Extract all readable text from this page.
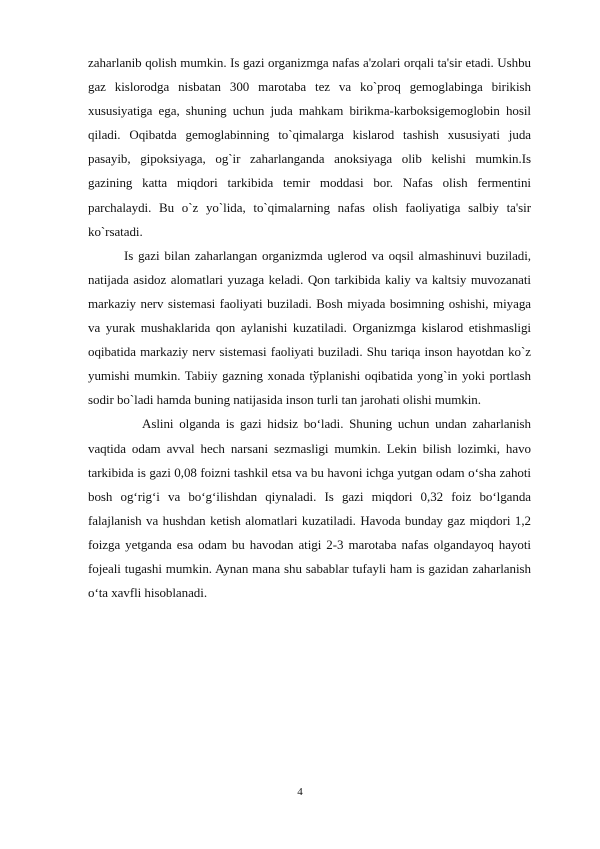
zaharlanib qolish mumkin. Is gazi organizmga nafas a'zolari orqali ta'sir etadi. Ushbu gaz kislorodga nisbatan 300 marotaba tez va ko`proq gemoglabinga birikish xususiyatiga ega, shuning uchun juda mahkam birikma-karboksigemoglobin hosil qiladi. Oqibatda gemoglabinning to`qimalarga kislarod tashish xususiyati juda pasayib, gipoksiyaga, og`ir zaharlanganda anoksiyaga olib kelishi mumkin.Is gazining katta miqdori tarkibida temir moddasi bor. Nafas olish fermentini parchalaydi. Bu o`z yo`lida, to`qimalarning nafas olish faoliyatiga salbiy ta'sir ko`rsatadi.

Is gazi bilan zaharlangan organizmda uglerod va oqsil almashinuvi buziladi, natijada asidoz alomatlari yuzaga keladi. Qon tarkibida kaliy va kaltsiy muvozanati markaziy nerv sistemasi faoliyati buziladi. Bosh miyada bosimning oshishi, miyaga va yurak mushaklarida qon aylanishi kuzatiladi. Organizmga kislarod etishmasligi oqibatida markaziy nerv sistemasi faoliyati buziladi. Shu tariqa inson hayotdan ko`z yumishi mumkin. Tabiiy gazning xonada tўplanishi oqibatida yong`in yoki portlash sodir bo`ladi hamda buning natijasida inson turli tan jarohati olishi mumkin.

Aslini olganda is gazi hidsiz bo‘ladi. Shuning uchun undan zaharlanish vaqtida odam avval hech narsani sezmasligi mumkin. Lekin bilish lozimki, havo tarkibida is gazi 0,08 foizni tashkil etsa va bu havoni ichga yutgan odam o‘sha zahoti bosh og‘rig‘i va bo‘g‘ilishdan qiynaladi. Is gazi miqdori 0,32 foiz bo‘lganda falajlanish va hushdan ketish alomatlari kuzatiladi. Havoda bunday gaz miqdori 1,2 foizga yetganda esa odam bu havodan atigi 2-3 marotaba nafas olgandayoq hayoti fojeali tugashi mumkin. Aynan mana shu sabablar tufayli ham is gazidan zaharlanish o‘ta xavfli hisoblanadi.

4
